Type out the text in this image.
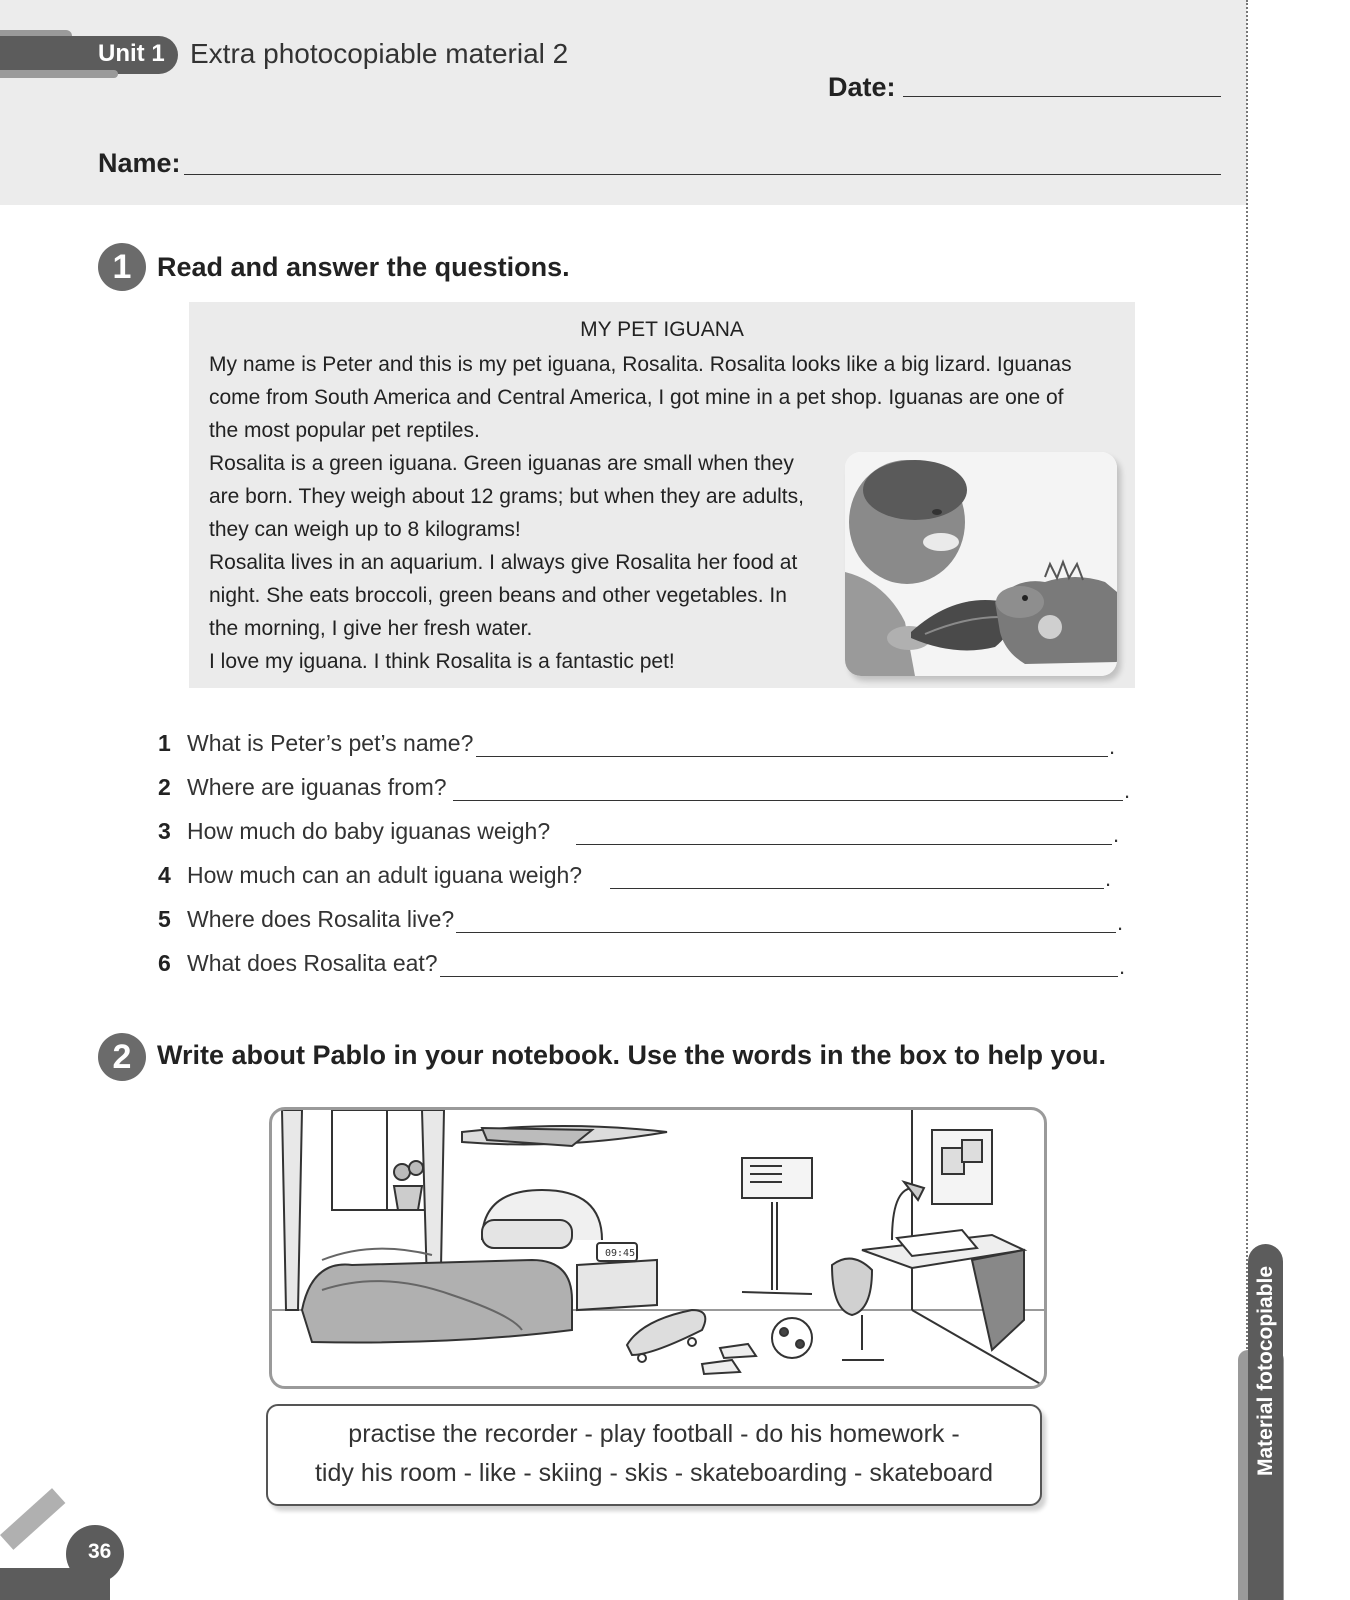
Unit 1 Extra photocopiable material 2
Date:
Name:
1 Read and answer the questions.
MY PET IGUANA
My name is Peter and this is my pet iguana, Rosalita. Rosalita looks like a big lizard. Iguanas
come from South America and Central America, I got mine in a pet shop. Iguanas are one of
the most popular pet reptiles.
Rosalita is a green iguana. Green iguanas are small when they
are born. They weigh about 12 grams; but when they are adults,
they can weigh up to 8 kilograms!
Rosalita lives in an aquarium. I always give Rosalita her food at
night. She eats broccoli, green beans and other vegetables. In
the morning, I give her fresh water.
I love my iguana. I think Rosalita is a fantastic pet!
1 What is Peter’s pet’s name?	.
2 Where are iguanas from?	.
3 How much do baby iguanas weigh?	.
4 How much can an adult iguana weigh?	.
5 Where does Rosalita live?	.
6 What does Rosalita eat?	.
2 Write about Pablo in your notebook. Use the words in the box to help you.
09:45
practise the recorder - play football - do his homework -
tidy his room - like - skiing - skis - skateboarding - skateboard	Material fotocopiable
36
